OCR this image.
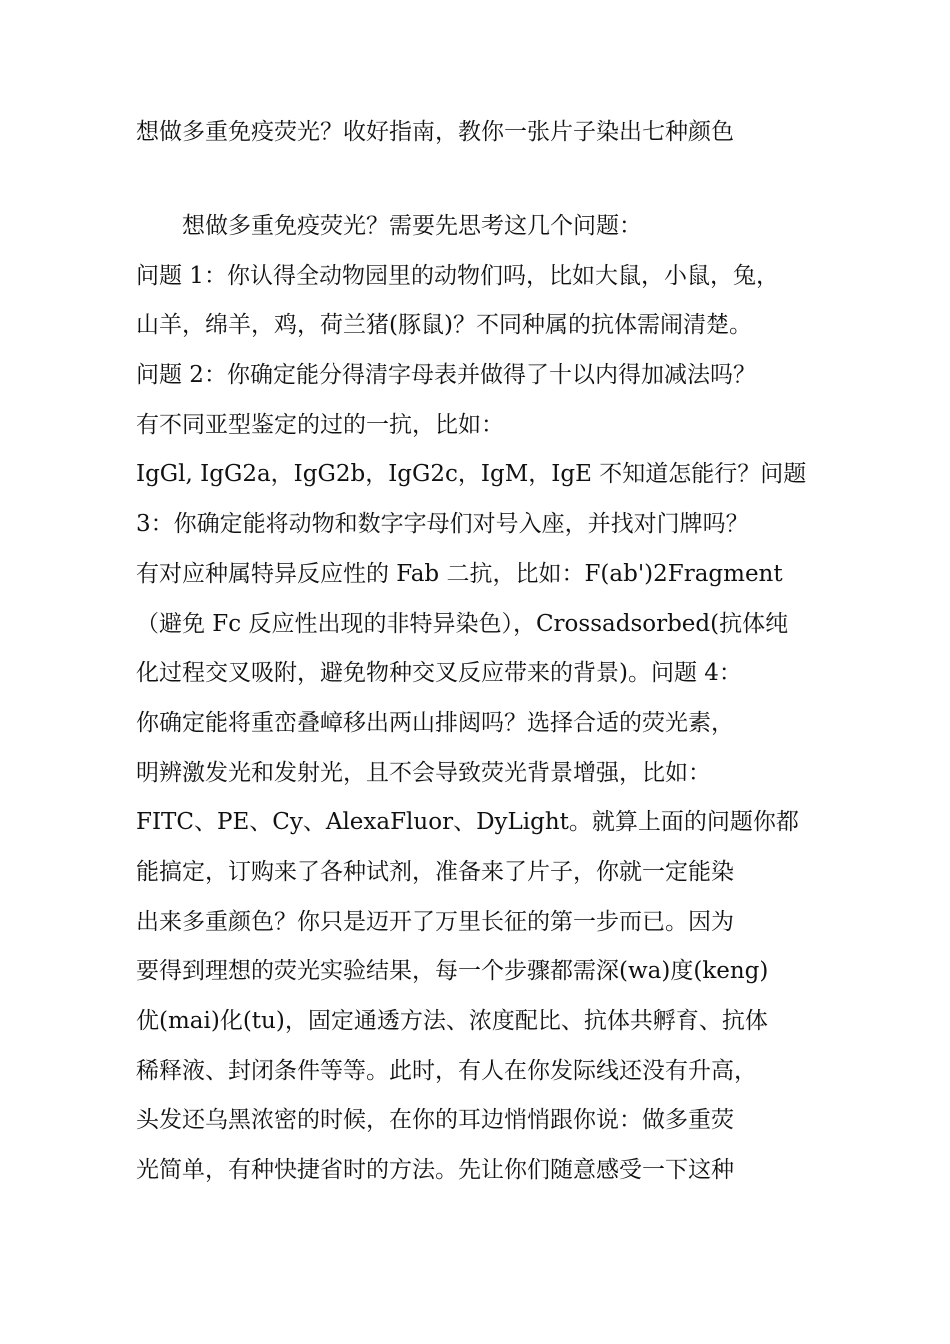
想做多重免疫荧光？收好指南，教你一张片子染出七种颜色
想做多重免疫荧光？需要先思考这几个问题：
问题 1：你认得全动物园里的动物们吗，比如大鼠，小鼠，兔，
山羊，绵羊，鸡，荷兰猪(豚鼠)？不同种属的抗体需闹清楚。
问题 2：你确定能分得清字母表并做得了十以内得加减法吗？
有不同亚型鉴定的过的一抗，比如：
IgGl, IgG2a，IgG2b，IgG2c，IgM，IgE 不知道怎能行？问题
3：你确定能将动物和数字字母们对号入座，并找对门牌吗？
有对应种属特异反应性的 Fab 二抗，比如：F(ab')2Fragment
（避免 Fc 反应性出现的非特异染色），Crossadsorbed(抗体纯
化过程交叉吸附，避免物种交叉反应带来的背景)。问题 4：
你确定能将重峦叠嶂移出两山排闼吗？选择合适的荧光素，
明辨激发光和发射光，且不会导致荧光背景增强，比如：
FITC、PE、Cy、AlexaFluor、DyLight。就算上面的问题你都
能搞定，订购来了各种试剂，准备来了片子，你就一定能染
出来多重颜色？你只是迈开了万里长征的第一步而已。因为
要得到理想的荧光实验结果，每一个步骤都需深(wa)度(keng)
优(mai)化(tu)，固定通透方法、浓度配比、抗体共孵育、抗体
稀释液、封闭条件等等。此时，有人在你发际线还没有升高，
头发还乌黑浓密的时候，在你的耳边悄悄跟你说：做多重荧
光简单，有种快捷省时的方法。先让你们随意感受一下这种
